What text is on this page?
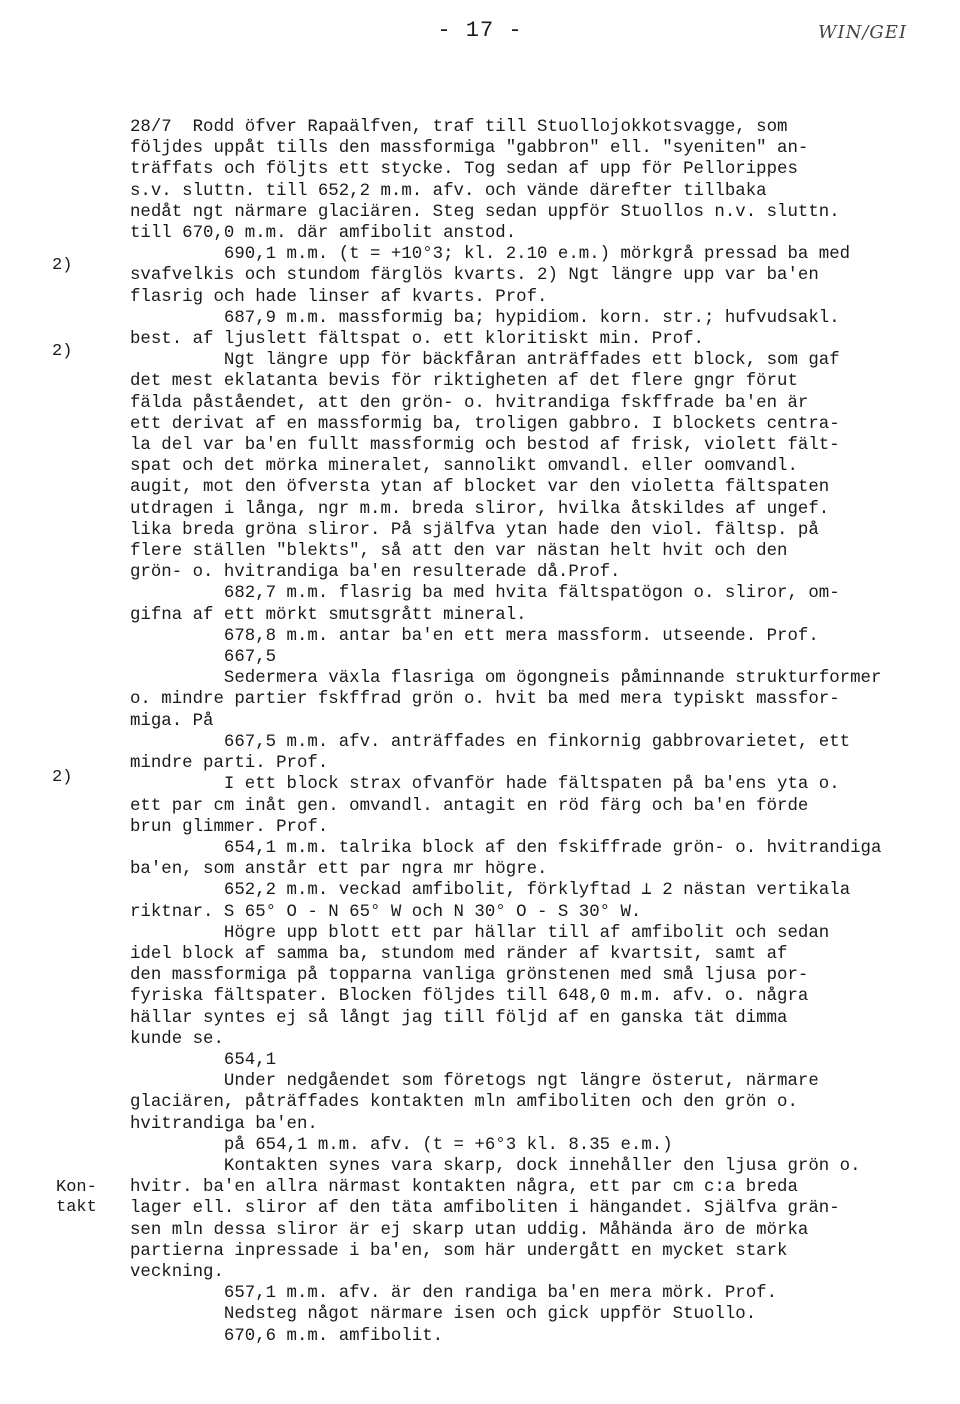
- 17 -	WIN/GEI
2)
2)
2)
Kon-
takt

28/7  Rodd öfver Rapaälfven, traf till Stuollojokkotsvagge, som

följdes uppåt tills den massformiga "gabbron" ell. "syeniten" an-

träffats och följts ett stycke. Tog sedan af upp för Pellorippes

s.v. sluttn. till 652,2 m.m. afv. och vände därefter tillbaka

nedåt ngt närmare glaciären. Steg sedan uppför Stuollos n.v. sluttn.

till 670,0 m.m. där amfibolit anstod.

690,1 m.m. (t = +10°3; kl. 2.10 e.m.) mörkgrå pressad ba med

svafvelkis och stundom färglös kvarts. 2) Ngt längre upp var ba'en

flasrig och hade linser af kvarts. Prof.

687,9 m.m. massformig ba; hypidiom. korn. str.; hufvudsakl.

best. af ljuslett fältspat o. ett kloritiskt min. Prof.

Ngt längre upp för bäckfåran anträffades ett block, som gaf

det mest eklatanta bevis för riktigheten af det flere gngr förut

fälda påståendet, att den grön- o. hvitrandiga fskffrade ba'en är

ett derivat af en massformig ba, troligen gabbro. I blockets centra-

la del var ba'en fullt massformig och bestod af frisk, violett fält-

spat och det mörka mineralet, sannolikt omvandl. eller oomvandl.

augit, mot den öfversta ytan af blocket var den violetta fältspaten

utdragen i långa, ngr m.m. breda sliror, hvilka åtskildes af ungef.

lika breda gröna sliror. På själfva ytan hade den viol. fältsp. på

flere ställen "blekts", så att den var nästan helt hvit och den

grön- o. hvitrandiga ba'en resulterade då.Prof.

682,7 m.m. flasrig ba med hvita fältspatögon o. sliror, om-

gifna af ett mörkt smutsgrått mineral.

678,8 m.m. antar ba'en ett mera massform. utseende. Prof.

667,5

Sedermera växla flasriga om ögongneis påminnande strukturformer

o. mindre partier fskffrad grön o. hvit ba med mera typiskt massfor-

miga. På

667,5 m.m. afv. anträffades en finkornig gabbrovarietet, ett

mindre parti. Prof.

I ett block strax ofvanför hade fältspaten på ba'ens yta o.

ett par cm inåt gen. omvandl. antagit en röd färg och ba'en förde

brun glimmer. Prof.

654,1 m.m. talrika block af den fskiffrade grön- o. hvitrandiga

ba'en, som anstår ett par ngra mr högre.

652,2 m.m. veckad amfibolit, förklyftad ⊥ 2 nästan vertikala

riktnar. S 65° O - N 65° W och N 30° O - S 30° W.

Högre upp blott ett par hällar till af amfibolit och sedan

idel block af samma ba, stundom med ränder af kvartsit, samt af

den massformiga på topparna vanliga grönstenen med små ljusa por-

fyriska fältspater. Blocken följdes till 648,0 m.m. afv. o. några

hällar syntes ej så långt jag till följd af en ganska tät dimma

kunde se.

654,1

Under nedgåendet som företogs ngt längre österut, närmare

glaciären, påträffades kontakten mln amfiboliten och den grön o.

hvitrandiga ba'en.

på 654,1 m.m. afv. (t = +6°3 kl. 8.35 e.m.)

Kontakten synes vara skarp, dock innehåller den ljusa grön o.

hvitr. ba'en allra närmast kontakten några, ett par cm c:a breda

lager ell. sliror af den täta amfiboliten i hängandet. Själfva grän-

sen mln dessa sliror är ej skarp utan uddig. Måhända äro de mörka

partierna inpressade i ba'en, som här undergått en mycket stark

veckning.

657,1 m.m. afv. är den randiga ba'en mera mörk. Prof.

Nedsteg något närmare isen och gick uppför Stuollo.

670,6 m.m. amfibolit.
